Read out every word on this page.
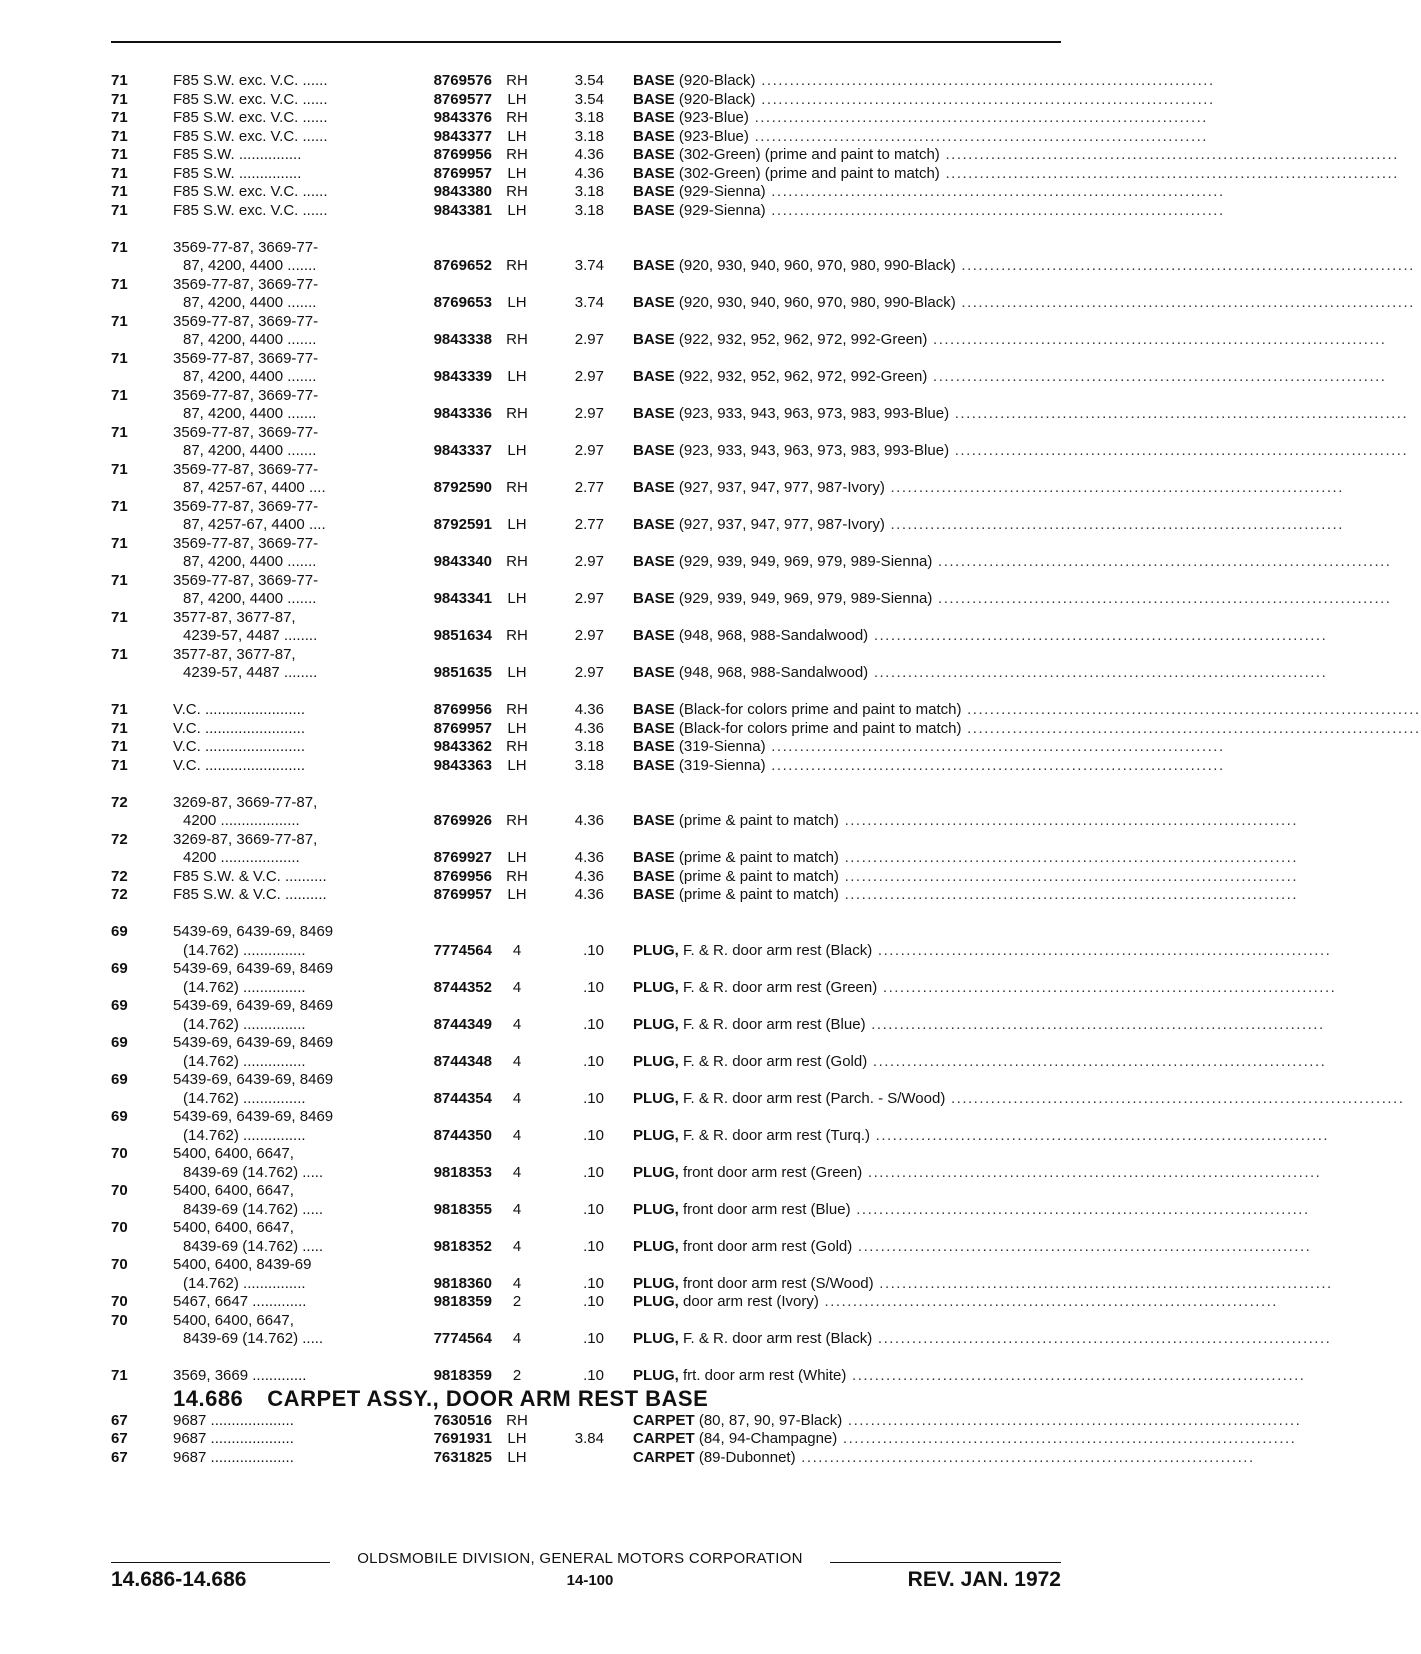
71	F85 S.W. exc. V.C. ......	8769576 RH	3.54 BASE (920-Black) ................................................................................
71	F85 S.W. exc. V.C. ......	8769577	LH	3.54 BASE (920-Black) ................................................................................
71	F85 S.W. exc. V.C. ......	9843376 RH	3.18 BASE (923-Blue) ................................................................................
71	F85 S.W. exc. V.C. ......	9843377	LH	3.18 BASE (923-Blue) ................................................................................
71	F85 S.W. ...............	8769956 RH	4.36 BASE (302-Green) (prime and paint to match) ................................................................................
71	F85 S.W. ...............	8769957	LH	4.36 BASE (302-Green) (prime and paint to match) ................................................................................
71	F85 S.W. exc. V.C. ......	9843380 RH	3.18 BASE (929-Sienna) ................................................................................
71	F85 S.W. exc. V.C. ......	9843381	LH	3.18 BASE (929-Sienna) ................................................................................
71	3569-77-87, 3669-77-
87, 4200, 4400 .......	8769652 RH	3.74 BASE (920, 930, 940, 960, 970, 980, 990-Black) ................................................................................
71	3569-77-87, 3669-77-
87, 4200, 4400 .......	8769653	LH	3.74 BASE (920, 930, 940, 960, 970, 980, 990-Black) ................................................................................
71	3569-77-87, 3669-77-
87, 4200, 4400 .......	9843338 RH	2.97 BASE (922, 932, 952, 962, 972, 992-Green) ................................................................................
71	3569-77-87, 3669-77-
87, 4200, 4400 .......	9843339	LH	2.97 BASE (922, 932, 952, 962, 972, 992-Green) ................................................................................
71	3569-77-87, 3669-77-
87, 4200, 4400 .......	9843336 RH	2.97 BASE (923, 933, 943, 963, 973, 983, 993-Blue) ................................................................................
71	3569-77-87, 3669-77-
87, 4200, 4400 .......	9843337	LH	2.97 BASE (923, 933, 943, 963, 973, 983, 993-Blue) ................................................................................
71	3569-77-87, 3669-77-
87, 4257-67, 4400 ....	8792590 RH	2.77 BASE (927, 937, 947, 977, 987-Ivory) ................................................................................
71	3569-77-87, 3669-77-
87, 4257-67, 4400 ....	8792591	LH	2.77 BASE (927, 937, 947, 977, 987-Ivory) ................................................................................
71	3569-77-87, 3669-77-
87, 4200, 4400 .......	9843340 RH	2.97 BASE (929, 939, 949, 969, 979, 989-Sienna) ................................................................................
71	3569-77-87, 3669-77-
87, 4200, 4400 .......	9843341	LH	2.97 BASE (929, 939, 949, 969, 979, 989-Sienna) ................................................................................
71	3577-87, 3677-87,
4239-57, 4487 ........	9851634 RH	2.97 BASE (948, 968, 988-Sandalwood) ................................................................................
71	3577-87, 3677-87,
4239-57, 4487 ........	9851635	LH	2.97 BASE (948, 968, 988-Sandalwood) ................................................................................
71	V.C. ........................	8769956 RH	4.36 BASE (Black-for colors prime and paint to match) ................................................................................
71	V.C. ........................	8769957	LH	4.36 BASE (Black-for colors prime and paint to match) ................................................................................
71	V.C. ........................	9843362 RH	3.18 BASE (319-Sienna) ................................................................................
71	V.C. ........................	9843363	LH	3.18 BASE (319-Sienna) ................................................................................
72	3269-87, 3669-77-87,
4200 ...................	8769926 RH	4.36 BASE (prime & paint to match) ................................................................................
72	3269-87, 3669-77-87,
4200 ...................	8769927	LH	4.36 BASE (prime & paint to match) ................................................................................
72	F85 S.W. & V.C. ..........	8769956 RH	4.36 BASE (prime & paint to match) ................................................................................
72	F85 S.W. & V.C. ..........	8769957	LH	4.36 BASE (prime & paint to match) ................................................................................
69	5439-69, 6439-69, 8469
(14.762) ...............	7774564	4	.10 PLUG, F. & R. door arm rest (Black) ................................................................................
69	5439-69, 6439-69, 8469
(14.762) ...............	8744352	4	.10 PLUG, F. & R. door arm rest (Green) ................................................................................
69	5439-69, 6439-69, 8469
(14.762) ...............	8744349	4	.10 PLUG, F. & R. door arm rest (Blue) ................................................................................
69	5439-69, 6439-69, 8469
(14.762) ...............	8744348	4	.10 PLUG, F. & R. door arm rest (Gold) ................................................................................
69	5439-69, 6439-69, 8469
(14.762) ...............	8744354	4	.10 PLUG, F. & R. door arm rest (Parch. - S/Wood) ................................................................................
69	5439-69, 6439-69, 8469
(14.762) ...............	8744350	4	.10 PLUG, F. & R. door arm rest (Turq.) ................................................................................
70	5400, 6400, 6647,
8439-69 (14.762) .....	9818353	4	.10 PLUG, front door arm rest (Green) ................................................................................
70	5400, 6400, 6647,
8439-69 (14.762) .....	9818355	4	.10 PLUG, front door arm rest (Blue) ................................................................................
70	5400, 6400, 6647,
8439-69 (14.762) .....	9818352	4	.10 PLUG, front door arm rest (Gold) ................................................................................
70	5400, 6400, 8439-69
(14.762) ...............	9818360	4	.10 PLUG, front door arm rest (S/Wood) ................................................................................
70	5467, 6647 .............	9818359	2	.10 PLUG, door arm rest (Ivory) ................................................................................
70	5400, 6400, 6647,
8439-69 (14.762) .....	7774564	4	.10 PLUG, F. & R. door arm rest (Black) ................................................................................
71	3569, 3669 .............	9818359	2	.10 PLUG, frt. door arm rest (White) ................................................................................
14.686 CARPET ASSY., DOOR ARM REST BASE
67	9687 ....................	7630516 RH	CARPET (80, 87, 90, 97-Black) ................................................................................
67	9687 ....................	7691931	LH	3.84 CARPET (84, 94-Champagne) ................................................................................
67	9687 ....................	7631825	LH	CARPET (89-Dubonnet) ................................................................................
OLDSMOBILE DIVISION, GENERAL MOTORS CORPORATION
14.686-14.686	14-100	REV. JAN. 1972
